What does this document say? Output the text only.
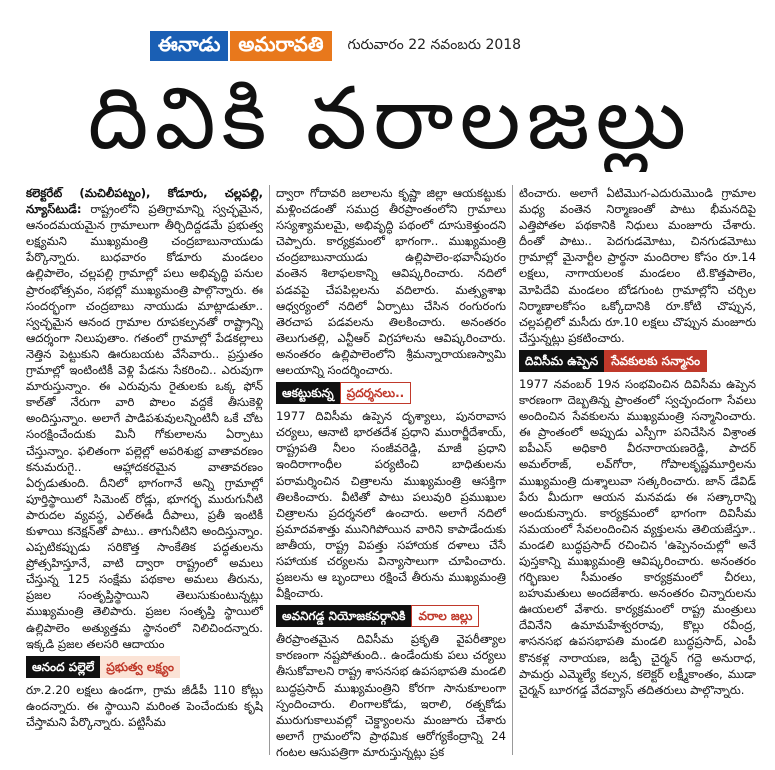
ఈనాడు అమరావతి	గురువారం 22 నవంబరు 2018
దివికి వరాలజల్లు

కలెక్టరేట్ (మచిలీపట్నం), కోడూరు, చల్లపల్లి, న్యూస్‌టుడే: రాష్ట్రంలోని ప్రతిగ్రామాన్ని స్వచ్ఛమైన, ఆనందమయమైన గ్రామాలుగా తీర్చిదిద్దడమే ప్రభుత్వ లక్ష్యమని ముఖ్యమంత్రి చంద్రబాబునాయుడు పేర్కొన్నారు. బుధవారం కోడూరు మండలం ఉల్లిపాలెం, చల్లపల్లి గ్రామాల్లో పలు అభివృద్ధి పనుల ప్రారంభోత్సవం, సభల్లో ముఖ్యమంత్రి పాల్గొన్నారు. ఈ సందర్భంగా చంద్రబాబు నాయుడు మాట్లాడుతూ.. స్వచ్ఛమైన ఆనంద గ్రామాల రూపకల్పనతో రాష్ట్రాన్ని ఆదర్శంగా నిలుపుతాం. గతంలో గ్రామాల్లో పేడకల్లాలు నెత్తిన పెట్టుకుని ఊరుబయట వేసేవారు.. ప్రస్తుతం గ్రామాల్లో ఇంటింటికీ వెళ్లి పేడను సేకరించి.. ఎరువుగా మారుస్తున్నాం. ఈ ఎరువును రైతులకు ఒక్క ఫోన్ కాల్‌తో నేరుగా వారి పొలం వద్దకే తీసుకెళ్లి అందిస్తున్నాం. అలాగే పాడిపశువులన్నింటినీ ఒకే చోట సంరక్షించేందుకు మినీ గోకులాలను ఏర్పాటు చేస్తున్నాం. ఫలితంగా పల్లెల్లో అపరిశుభ్ర వాతావరణం కనుమరుగై.. ఆహ్లాదకరమైన వాతావరణం ఏర్పడుతుంది. దీనిలో భాగంగానే అన్ని గ్రామాల్లో పూర్తిస్థాయిలో సిమెంట్ రోడ్లు, భూగర్భ మురుగునీటి పారుదల వ్యవస్థ, ఎల్ఈడీ దీపాలు, ప్రతీ ఇంటికీ కుళాయి కనెక్షన్‌తో పాటు.. తాగునీటిని అందిస్తున్నాం. ఎప్పటికప్పుడు సరికొత్త సాంకేతిక పద్ధతులను ప్రోత్సహిస్తూనే, వాటి ద్వారా రాష్ట్రంలో అమలు చేస్తున్న 125 సంక్షేమ పథకాల అమలు తీరును, ప్రజల సంతృప్తిస్థాయిని తెలుసుకుంటున్నట్లు ముఖ్యమంత్రి తెలిపారు. ప్రజల సంతృప్తి స్థాయిలో ఉల్లిపాలెం అత్యుత్తమ స్థానంలో నిలిచిందన్నారు. ఇక్కడి ప్రజల తలసరి ఆదాయం

ఆనంద పల్లెలే	ప్రభుత్వ లక్ష్యం

రూ.2.20 లక్షలు ఉండగా, గ్రామ జీడీపీ 110 కోట్లు ఉందన్నారు. ఈ స్థాయిని మరింత పెంచేందుకు కృషి చేస్తామని పేర్కొన్నారు. పట్టిసీమ

ద్వారా గోదావరి జలాలను కృష్ణా జిల్లా ఆయకట్టుకు మళ్లించడంతో సముద్ర తీరప్రాంతంలోని గ్రామాలు సస్యశ్యామలమై, అభివృద్ధి పథంలో దూసుకెళ్తుందని చెప్పారు. కార్యక్రమంలో భాగంగా.. ముఖ్యమంత్రి చంద్రబాబునాయుడు ఉల్లిపాలెం-భవానీపురం వంతెన శిలాఫలకాన్ని ఆవిష్కరించారు. నదిలో పడవపై చేపపిల్లలను వదిలారు. మత్స్యశాఖ ఆధ్వర్యంలో నదిలో ఏర్పాటు చేసిన రంగురంగు తెరచాప పడవలను తిలకించారు. అనంతరం తెలుగుతల్లి, ఎన్టీఆర్ విగ్రహాలను ఆవిష్కరించారు. అనంతరం ఉల్లిపాలెంలోని శ్రీమన్నారాయణస్వామి ఆలయాన్ని సందర్శించారు.

ఆకట్టుకున్న	ప్రదర్శనలు..

1977 దివిసీమ ఉప్పెన దృశ్యాలు, పునరావాస చర్యలు, ఆనాటి భారతదేశ ప్రధాని మురార్జీదేశాయ్, రాష్ట్రపతి నీలం సంజీవరెడ్డి, మాజీ ప్రధాని ఇందిరాగాంధీల పర్యటించి బాధితులను పరామర్శించిన చిత్రాలను ముఖ్యమంత్రి ఆసక్తిగా తిలకించారు. వీటితో పాటు పలువురి ప్రముఖుల చిత్రాలను ప్రదర్శనలో ఉంచారు. అలాగే నదిలో ప్రమాదవశాత్తు మునిగిపోయిన వారిని కాపాడేందుకు జాతీయ, రాష్ట్ర విపత్తు సహాయక దళాలు చేసే సహాయక చర్యలను విన్యాసాలుగా చూపించారు. ప్రజలను ఆ బృందాలు రక్షించే తీరును ముఖ్యమంత్రి వీక్షించారు.

అవనిగడ్డ నియోజకవర్గానికి	వరాల జల్లు

తీరప్రాంతమైన దివిసీమ ప్రకృతి వైపరీత్యాల కారణంగా నష్టపోతుంది.. ఉండేందుకు పలు చర్యలు తీసుకోవాలని రాష్ట్ర శాసనసభ ఉపసభాపతి మండలి బుద్ధప్రసాద్ ముఖ్యమంత్రిని కోరగా సానుకూలంగా స్పందించారు. లింగాలకోడు, ఇరాలి, రత్నకోడు మురుగుకాలువల్లో చెక్డ్యాంలను మంజూరు చేశారు అలాగే గ్రామంలోని ప్రాథమిక ఆరోగ్యకేంద్రాన్ని 24 గంటల ఆసుపత్రిగా మారుస్తున్నట్లు ప్రక

టించారు. అలాగే ఏటిమొగ-ఎదురుమొండి గ్రామాల మధ్య వంతెన నిర్మాణంతో పాటు భీమనదిపై ఎత్తిపోతల పథకానికి నిధులు మంజూరు చేశారు. దీంతో పాటు.. పెదగుడమోటు, చినగుడమోటు గ్రామాల్లో మైనార్టీల ప్రార్థనా మందిరాల కోసం రూ.14 లక్షలు, నాగాయలంక మండలం టి.కొత్తపాలెం, మోపిదేవి మండలం బోడగుంట గ్రామాల్లోని చర్చిల నిర్మాణాలకోసం ఒక్కోదానికి రూ.కోటి చొప్పున, చల్లపల్లిలో మసీదు రూ.10 లక్షలు చొప్పున మంజూరు చేస్తున్నట్లు ప్రకటించారు.

దివిసీమ ఉప్పెన	సేవకులకు సన్మానం

1977 నవంబర్ 19న సంభవించిన దివిసీమ ఉప్పెన కారణంగా దెబ్బతిన్న ప్రాంతంలో స్వచ్ఛందంగా సేవలు అందించిన సేవకులను ముఖ్యమంత్రి సన్మానించారు. ఈ ప్రాంతంలో అప్పుడు ఎస్పీగా పనిచేసిన విశ్రాంత ఐపీఎస్ అధికారి వీరనారాయణరెడ్డి, పాదర్ అమల్‌రాజ్, లవ్‌గోరా, గోపాలకృష్ణమూర్తిలను ముఖ్యమంత్రి దుశ్శాలువా సత్కరించారు. జాన్ డేవిడ్ పేరు మీదుగా ఆయన మనవడు ఈ సత్కారాన్ని అందుకున్నారు. కార్యక్రమంలో భాగంగా దివిసీమ సమయంలో సేవలందించిన వ్యక్తులను తెలియజేస్తూ.. మండలి బుద్ధప్రసాద్ రచించిన 'ఉప్పెనంచుల్లో' అనే పుస్తకాన్ని ముఖ్యమంత్రి ఆవిష్కరించారు. అనంతరం గర్భిణుల సీమంతం కార్యక్రమంలో చీరలు, బహుమతులు అందజేశారు. అనంతరం చిన్నారులను ఊయలలో వేశారు. కార్యక్రమంలో రాష్ట్ర మంత్రులు దేవినేని ఉమామహేశ్వరరావు, కొల్లు రవీంద్ర, శాసనసభ ఉపసభాపతి మండలి బుద్ధప్రసాద్, ఎంపీ కొనకళ్ల నారాయణ, జడ్పీ చైర్మన్ గద్దె అనురాధ, పామర్రు ఎమ్మెల్యే కల్పన, కలెక్టర్ లక్ష్మీకాంతం, ముడా చైర్మన్ బూరగడ్డ వేదవ్యాస్ తదితరులు పాల్గొన్నారు.
